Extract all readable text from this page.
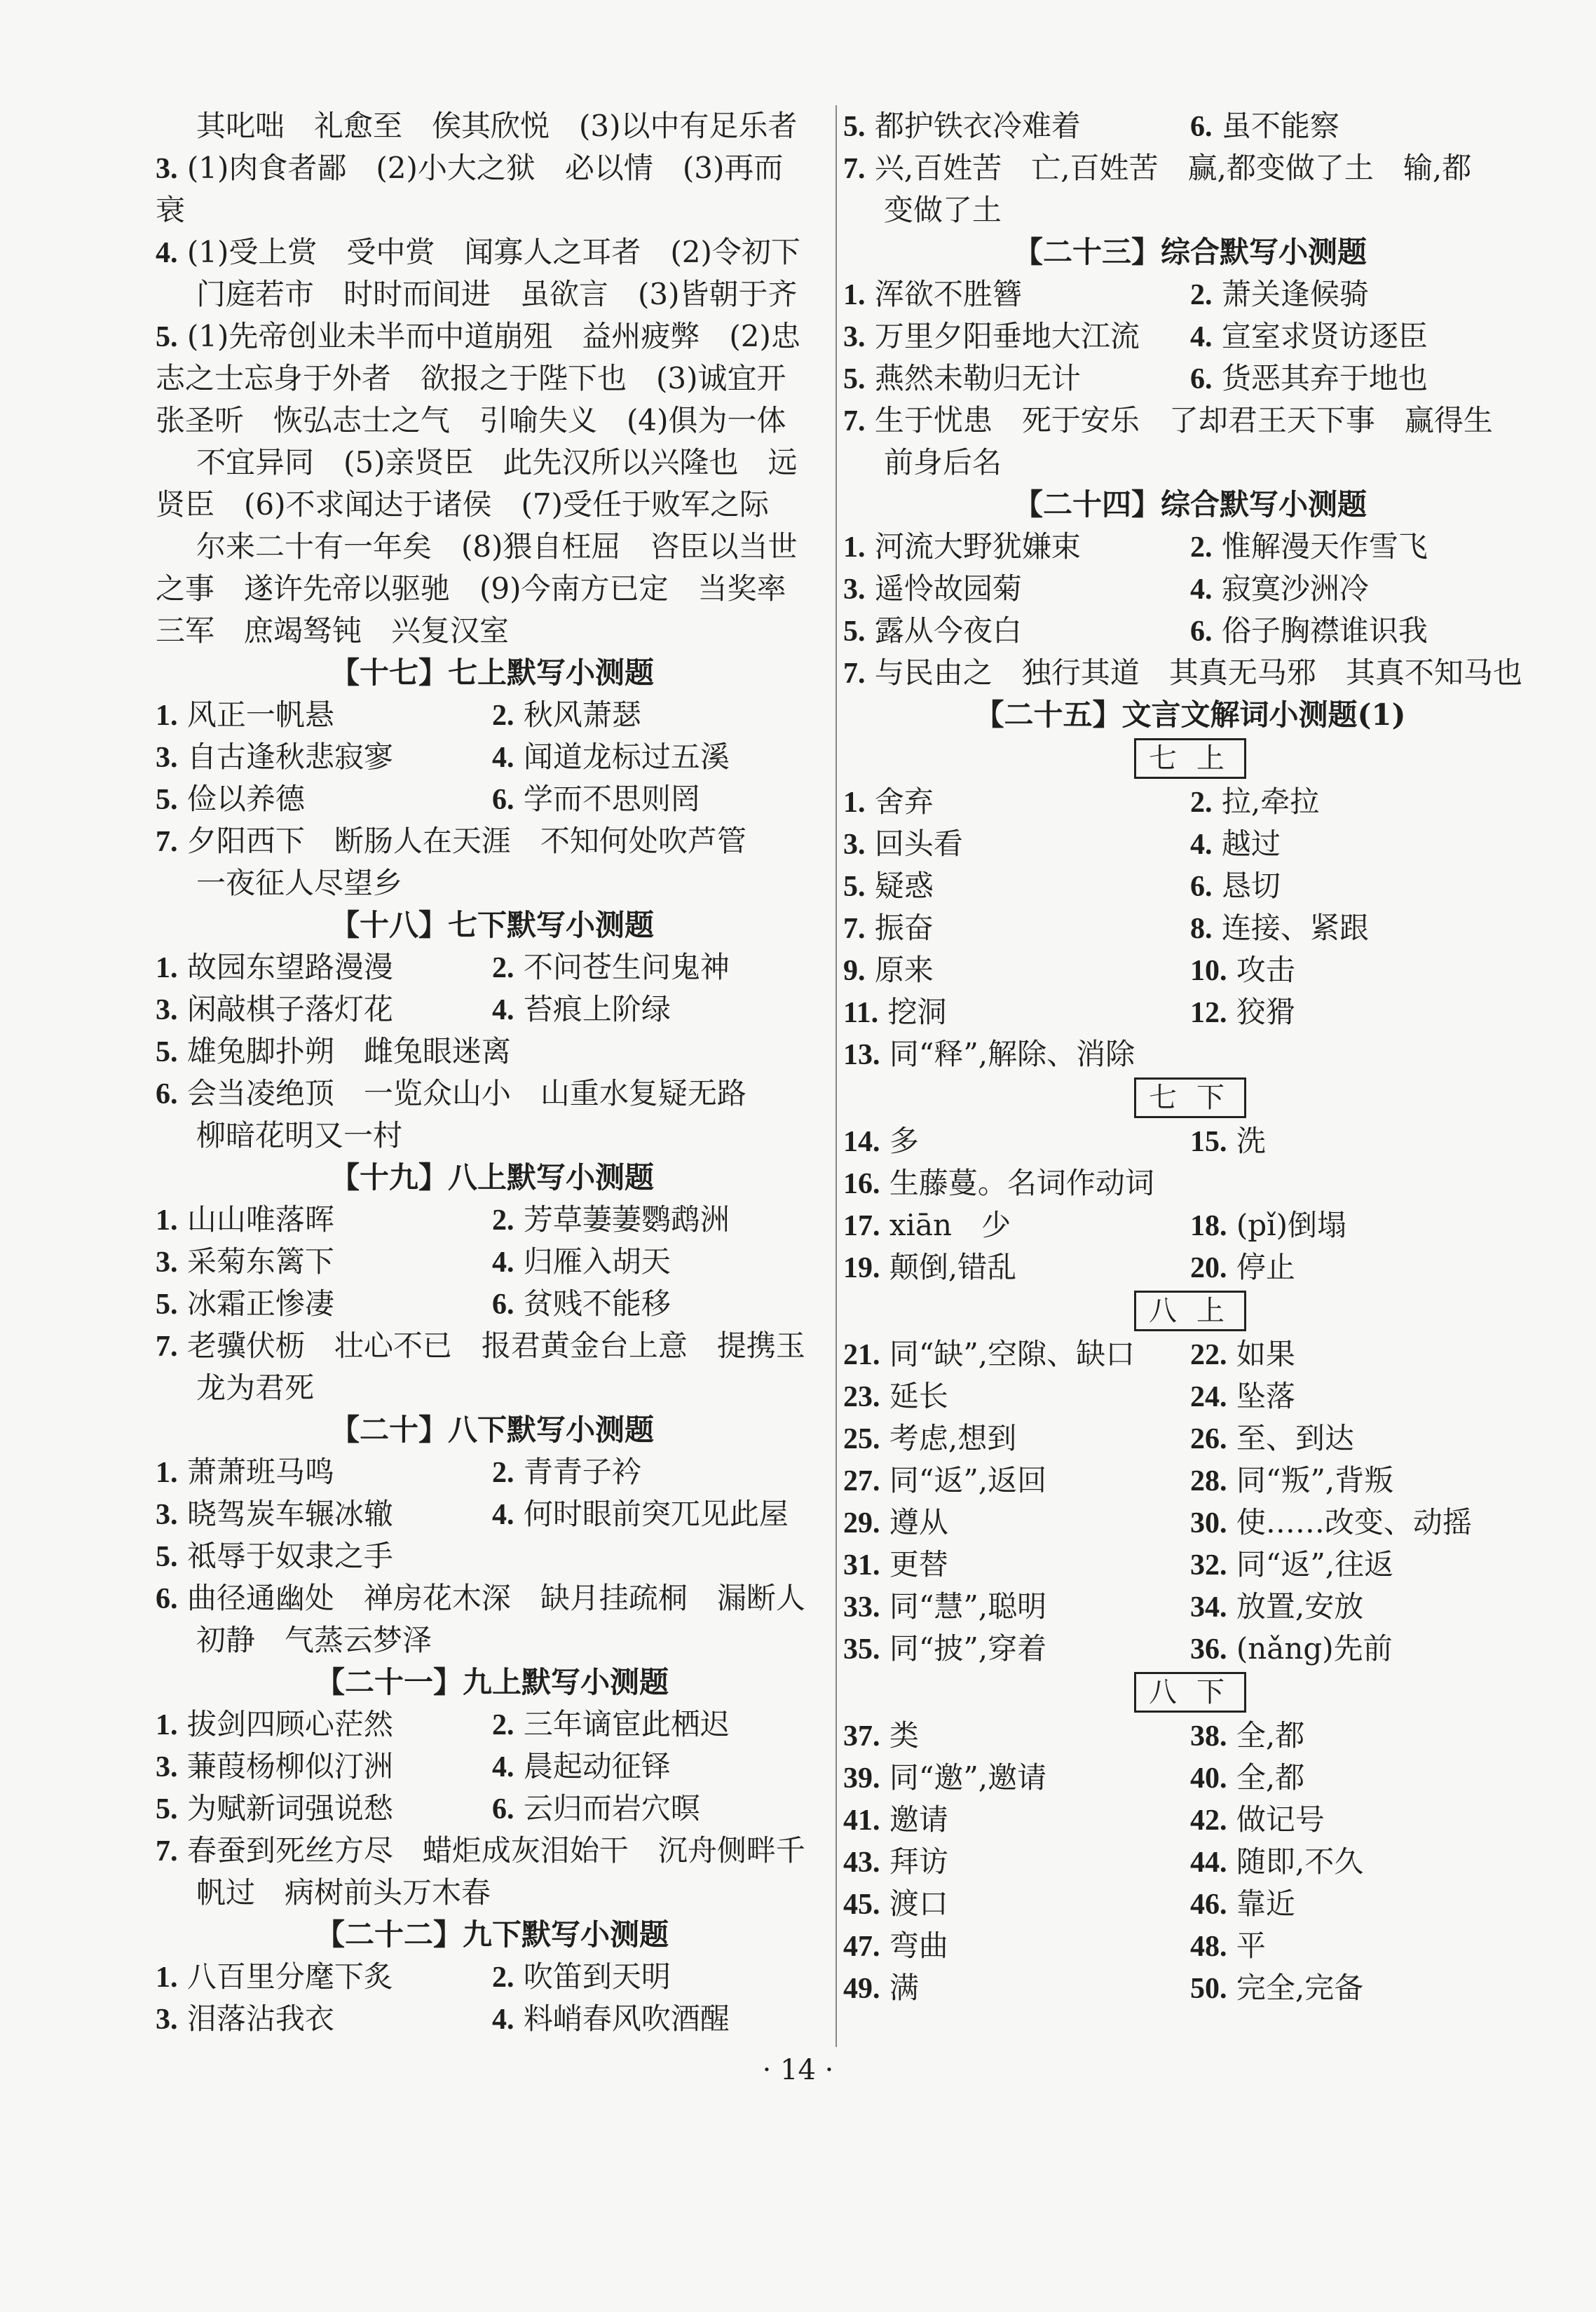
其叱咄　礼愈至　俟其欣悦　(3)以中有足乐者
3. (1)肉食者鄙　(2)小大之狱　必以情　(3)再而
衰
4. (1)受上赏　受中赏　闻寡人之耳者　(2)令初下
门庭若市　时时而间进　虽欲言　(3)皆朝于齐
5. (1)先帝创业未半而中道崩殂　益州疲弊　(2)忠
志之士忘身于外者　欲报之于陛下也　(3)诚宜开
张圣听　恢弘志士之气　引喻失义　(4)俱为一体
不宜异同　(5)亲贤臣　此先汉所以兴隆也　远
贤臣　(6)不求闻达于诸侯　(7)受任于败军之际
尔来二十有一年矣　(8)猥自枉屈　咨臣以当世
之事　遂许先帝以驱驰　(9)今南方已定　当奖率
三军　庶竭驽钝　兴复汉室
【十七】七上默写小测题
1. 风正一帆悬	2. 秋风萧瑟
3. 自古逢秋悲寂寥	4. 闻道龙标过五溪
5. 俭以养德	6. 学而不思则罔
7. 夕阳西下　断肠人在天涯　不知何处吹芦管
一夜征人尽望乡
【十八】七下默写小测题
1. 故园东望路漫漫	2. 不问苍生问鬼神
3. 闲敲棋子落灯花	4. 苔痕上阶绿
5. 雄兔脚扑朔　雌兔眼迷离
6. 会当凌绝顶　一览众山小　山重水复疑无路
柳暗花明又一村
【十九】八上默写小测题
1. 山山唯落晖	2. 芳草萋萋鹦鹉洲
3. 采菊东篱下	4. 归雁入胡天
5. 冰霜正惨凄	6. 贫贱不能移
7. 老骥伏枥　壮心不已　报君黄金台上意　提携玉
龙为君死
【二十】八下默写小测题
1. 萧萧班马鸣	2. 青青子衿
3. 晓驾炭车辗冰辙	4. 何时眼前突兀见此屋
5. 祗辱于奴隶之手
6. 曲径通幽处　禅房花木深　缺月挂疏桐　漏断人
初静　气蒸云梦泽
【二十一】九上默写小测题
1. 拔剑四顾心茫然	2. 三年谪宦此栖迟
3. 蒹葭杨柳似汀洲	4. 晨起动征铎
5. 为赋新词强说愁	6. 云归而岩穴暝
7. 春蚕到死丝方尽　蜡炬成灰泪始干　沉舟侧畔千
帆过　病树前头万木春
【二十二】九下默写小测题
1. 八百里分麾下炙	2. 吹笛到天明
3. 泪落沾我衣	4. 料峭春风吹酒醒
5. 都护铁衣冷难着	6. 虽不能察
7. 兴,百姓苦　亡,百姓苦　赢,都变做了土　输,都
变做了土
【二十三】综合默写小测题
1. 浑欲不胜簪	2. 萧关逢候骑
3. 万里夕阳垂地大江流	4. 宣室求贤访逐臣
5. 燕然未勒归无计	6. 货恶其弃于地也
7. 生于忧患　死于安乐　了却君王天下事　赢得生
前身后名
【二十四】综合默写小测题
1. 河流大野犹嫌束	2. 惟解漫天作雪飞
3. 遥怜故园菊	4. 寂寞沙洲冷
5. 露从今夜白	6. 俗子胸襟谁识我
7. 与民由之　独行其道　其真无马邪　其真不知马也
【二十五】文言文解词小测题(1)
七上
1. 舍弃	2. 拉,牵拉
3. 回头看	4. 越过
5. 疑惑	6. 恳切
7. 振奋	8. 连接、紧跟
9. 原来	10. 攻击
11. 挖洞	12. 狡猾
13. 同“释”,解除、消除
七下
14. 多	15. 洗
16. 生藤蔓。名词作动词
17. xiān　少	18. (pǐ)倒塌
19. 颠倒,错乱	20. 停止
八上
21. 同“缺”,空隙、缺口	22. 如果
23. 延长	24. 坠落
25. 考虑,想到	26. 至、到达
27. 同“返”,返回	28. 同“叛”,背叛
29. 遵从	30. 使……改变、动摇
31. 更替	32. 同“返”,往返
33. 同“慧”,聪明	34. 放置,安放
35. 同“披”,穿着	36. (nǎng)先前
八下
37. 类	38. 全,都
39. 同“邀”,邀请	40. 全,都
41. 邀请	42. 做记号
43. 拜访	44. 随即,不久
45. 渡口	46. 靠近
47. 弯曲	48. 平
49. 满	50. 完全,完备
· 14 ·
